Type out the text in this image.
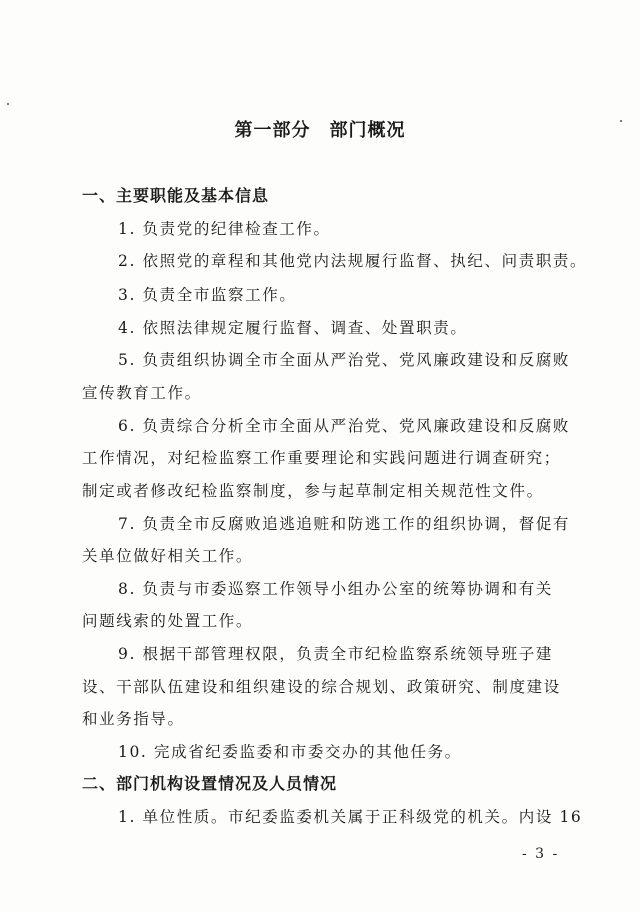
第一部分　部门概况
一、主要职能及基本信息
1. 负责党的纪律检查工作。
2. 依照党的章程和其他党内法规履行监督、执纪、问责职责。
3. 负责全市监察工作。
4. 依照法律规定履行监督、调查、处置职责。
5. 负责组织协调全市全面从严治党、党风廉政建设和反腐败
宣传教育工作。
6. 负责综合分析全市全面从严治党、党风廉政建设和反腐败
工作情况，对纪检监察工作重要理论和实践问题进行调查研究；
制定或者修改纪检监察制度，参与起草制定相关规范性文件。
7. 负责全市反腐败追逃追赃和防逃工作的组织协调，督促有
关单位做好相关工作。
8. 负责与市委巡察工作领导小组办公室的统筹协调和有关
问题线索的处置工作。
9. 根据干部管理权限，负责全市纪检监察系统领导班子建
设、干部队伍建设和组织建设的综合规划、政策研究、制度建设
和业务指导。
10. 完成省纪委监委和市委交办的其他任务。
二、部门机构设置情况及人员情况
1. 单位性质。市纪委监委机关属于正科级党的机关。内设 16
- 3 -
